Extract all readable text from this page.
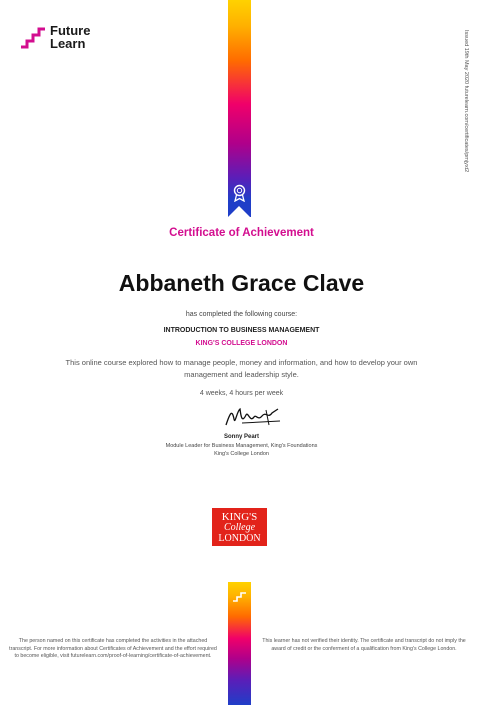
Future
Learn	Issued 19th May 2020 futurelearn.com/certificates/pmjyxt2
Certificate of Achievement
Abbaneth Grace Clave
has completed the following course:
INTRODUCTION TO BUSINESS MANAGEMENT
KING'S COLLEGE LONDON
This online course explored how to manage people, money and information, and how to develop your own management and leadership style.
4 weeks, 4 hours per week
Sonny Peart
Module Leader for Business Management, King's Foundations
King's College London
KING'S
College
LONDON
The person named on this certificate has completed the activities in the attached transcript. For more information about Certificates of Achievement and the effort required to become eligible, visit futurelearn.com/proof-of-learning/certificate-of-achievement.
This learner has not verified their identity. The certificate and transcript do not imply the award of credit or the conferment of a qualification from King's College London.
